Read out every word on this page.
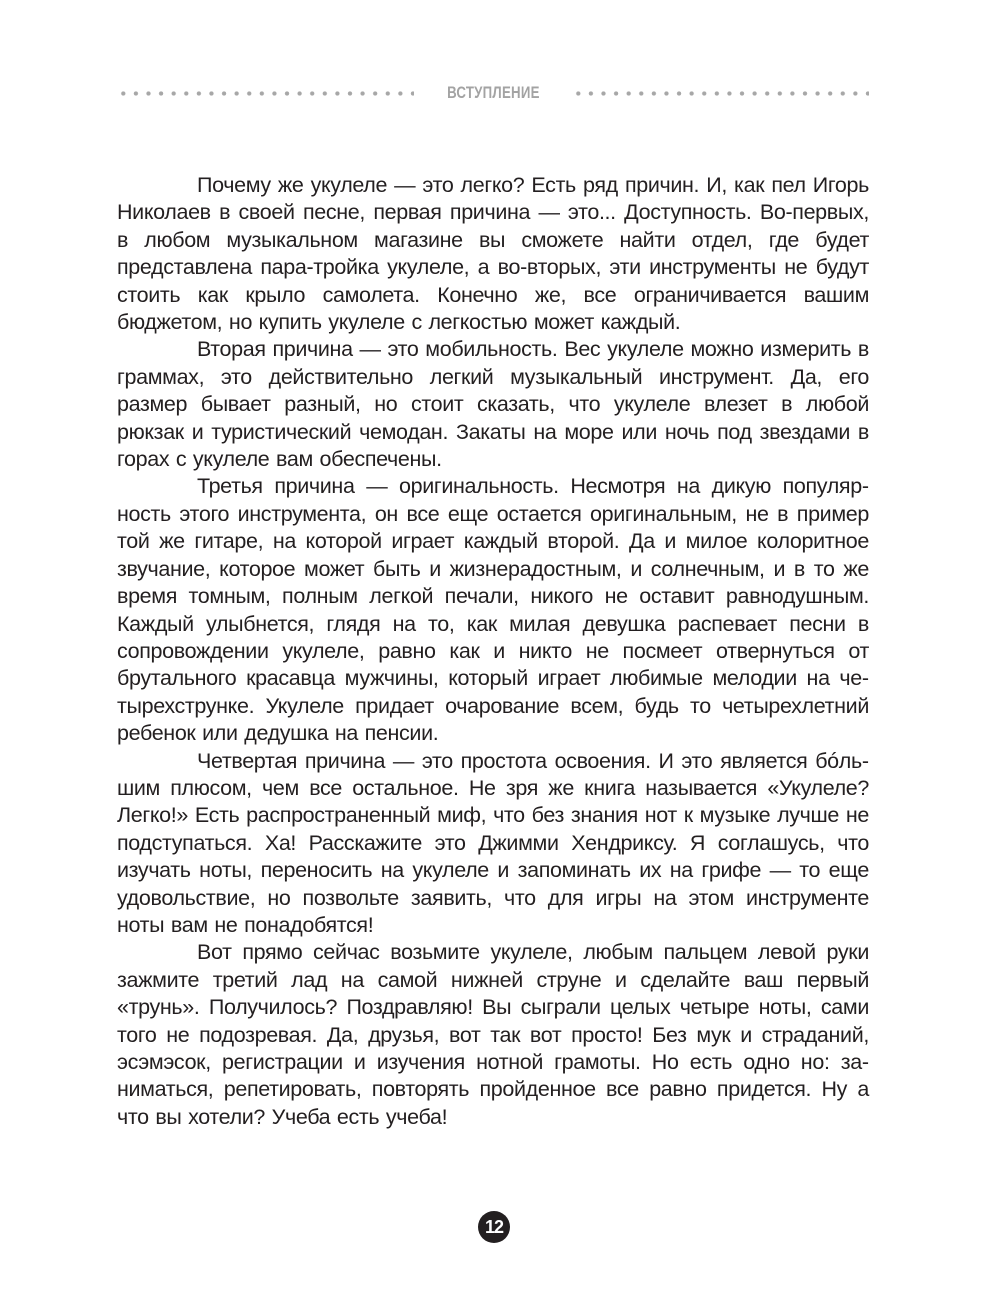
ВСТУПЛЕНИЕ

Почему же укулеле — это легко? Есть ряд причин. И, как пел Игорь Николаев в своей песне, первая причина — это... Доступность. Во-первых, в любом музыкальном магазине вы сможете найти отдел, где будет представлена пара-тройка укулеле, а во-вторых, эти инструменты не будут стоить как крыло самолета. Конечно же, все ограничивается вашим бюджетом, но купить укулеле с легкостью может каждый.

Вторая причина — это мобильность. Вес укулеле можно измерить в граммах, это действительно легкий музыкальный инструмент. Да, его размер бывает разный, но стоит сказать, что укулеле влезет в любой рюкзак и туристический чемодан. Закаты на море или ночь под звездами в горах с укулеле вам обеспечены.

Третья причина — оригинальность. Несмотря на дикую популярность этого инструмента, он все еще остается оригинальным, не в пример той же гитаре, на которой играет каждый второй. Да и милое колоритное звучание, которое может быть и жизнерадостным, и солнечным, и в то же время томным, полным легкой печали, никого не оставит равнодушным. Каждый улыбнется, глядя на то, как милая девушка распевает песни в сопровождении укулеле, равно как и никто не посмеет отвернуться от брутального красавца мужчины, который играет любимые мелодии на четырехструнке. Укулеле придает очарование всем, будь то четырехлетний ребенок или дедушка на пенсии.

Четвертая причина — это простота освоения. И это является бóльшим плюсом, чем все остальное. Не зря же книга называется «Укулеле? Легко!» Есть распространенный миф, что без знания нот к музыке лучше не подступаться. Ха! Расскажите это Джимми Хендриксу. Я соглашусь, что изучать ноты, переносить на укулеле и запоминать их на грифе — то еще удовольствие, но позвольте заявить, что для игры на этом инструменте ноты вам не понадобятся!

Вот прямо сейчас возьмите укулеле, любым пальцем левой руки зажмите третий лад на самой нижней струне и сделайте ваш первый «трунь». Получилось? Поздравляю! Вы сыграли целых четыре ноты, сами того не подозревая. Да, друзья, вот так вот просто! Без мук и страданий, эсэмэсок, регистрации и изучения нотной грамоты. Но есть одно но: заниматься, репетировать, повторять пройденное все равно придется. Ну а что вы хотели? Учеба есть учеба!

12
